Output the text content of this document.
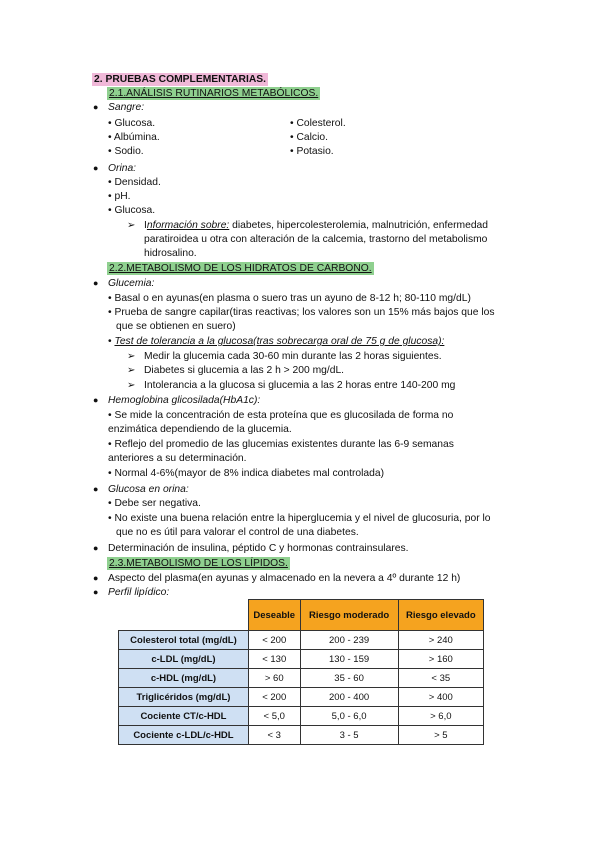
2. PRUEBAS COMPLEMENTARIAS.
2.1.ANÁLISIS RUTINARIOS METABÓLICOS.
● Sangre:
• Glucosa.
• Albúmina.
• Sodio.
• Colesterol.
• Calcio.
• Potasio.
● Orina:
• Densidad.
• pH.
• Glucosa.
➢ Información sobre: diabetes, hipercolesterolemia, malnutrición, enfermedad
paratiroidea u otra con alteración de la calcemia, trastorno del metabolismo
hidrosalino.
2.2.METABOLISMO DE LOS HIDRATOS DE CARBONO.
● Glucemia:
• Basal o en ayunas(en plasma o suero tras un ayuno de 8-12 h; 80-110 mg/dL)
• Prueba de sangre capilar(tiras reactivas; los valores son un 15% más bajos que los
que se obtienen en suero)
• Test de tolerancia a la glucosa(tras sobrecarga oral de 75 g de glucosa):
➢ Medir la glucemia cada 30-60 min durante las 2 horas siguientes.
➢ Diabetes si glucemia a las 2 h > 200 mg/dL.
➢ Intolerancia a la glucosa si glucemia a las 2 horas entre 140-200 mg
● Hemoglobina glicosilada(HbA1c):
• Se mide la concentración de esta proteína que es glucosilada de forma no
enzimática dependiendo de la glucemia.
• Reflejo del promedio de las glucemias existentes durante las 6-9 semanas
anteriores a su determinación.
• Normal 4-6%(mayor de 8% indica diabetes mal controlada)
● Glucosa en orina:
• Debe ser negativa.
• No existe una buena relación entre la hiperglucemia y el nivel de glucosuria, por lo
que no es útil para valorar el control de una diabetes.
● Determinación de insulina, péptido C y hormonas contrainsulares.
2.3.METABOLISMO DE LOS LÍPIDOS.
● Aspecto del plasma(en ayunas y almacenado en la nevera a 4º durante 12 h)
● Perfil lipídico:
	Deseable	Riesgo moderado	Riesgo elevado
Colesterol total (mg/dL)	< 200	200 - 239	> 240
c-LDL (mg/dL)	< 130	130 - 159	> 160
c-HDL (mg/dL)	> 60	35 - 60	< 35
Triglicéridos (mg/dL)	< 200	200 - 400	> 400
Cociente CT/c-HDL	< 5,0	5,0 - 6,0	> 6,0
Cociente c-LDL/c-HDL	< 3	3 - 5	> 5
